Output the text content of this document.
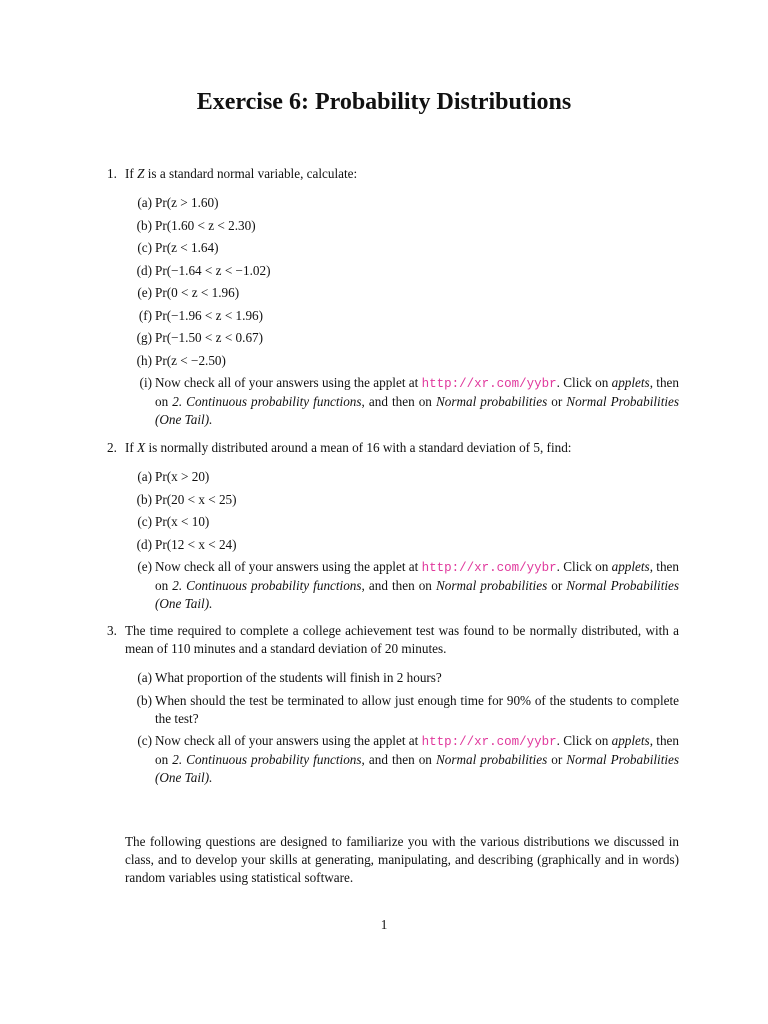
Exercise 6: Probability Distributions
1. If Z is a standard normal variable, calculate:
(a) Pr(z > 1.60)
(b) Pr(1.60 < z < 2.30)
(c) Pr(z < 1.64)
(d) Pr(−1.64 < z < −1.02)
(e) Pr(0 < z < 1.96)
(f) Pr(−1.96 < z < 1.96)
(g) Pr(−1.50 < z < 0.67)
(h) Pr(z < −2.50)
(i) Now check all of your answers using the applet at http://xr.com/yybr. Click on applets, then on 2. Continuous probability functions, and then on Normal probabilities or Normal Probabilities (One Tail).
2. If X is normally distributed around a mean of 16 with a standard deviation of 5, find:
(a) Pr(x > 20)
(b) Pr(20 < x < 25)
(c) Pr(x < 10)
(d) Pr(12 < x < 24)
(e) Now check all of your answers using the applet at http://xr.com/yybr. Click on applets, then on 2. Continuous probability functions, and then on Normal probabilities or Normal Probabilities (One Tail).
3. The time required to complete a college achievement test was found to be normally distributed, with a mean of 110 minutes and a standard deviation of 20 minutes.
(a) What proportion of the students will finish in 2 hours?
(b) When should the test be terminated to allow just enough time for 90% of the students to complete the test?
(c) Now check all of your answers using the applet at http://xr.com/yybr. Click on applets, then on 2. Continuous probability functions, and then on Normal probabilities or Normal Probabilities (One Tail).

The following questions are designed to familiarize you with the various distributions we discussed in class, and to develop your skills at generating, manipulating, and describing (graphically and in words) random variables using statistical software.

1
